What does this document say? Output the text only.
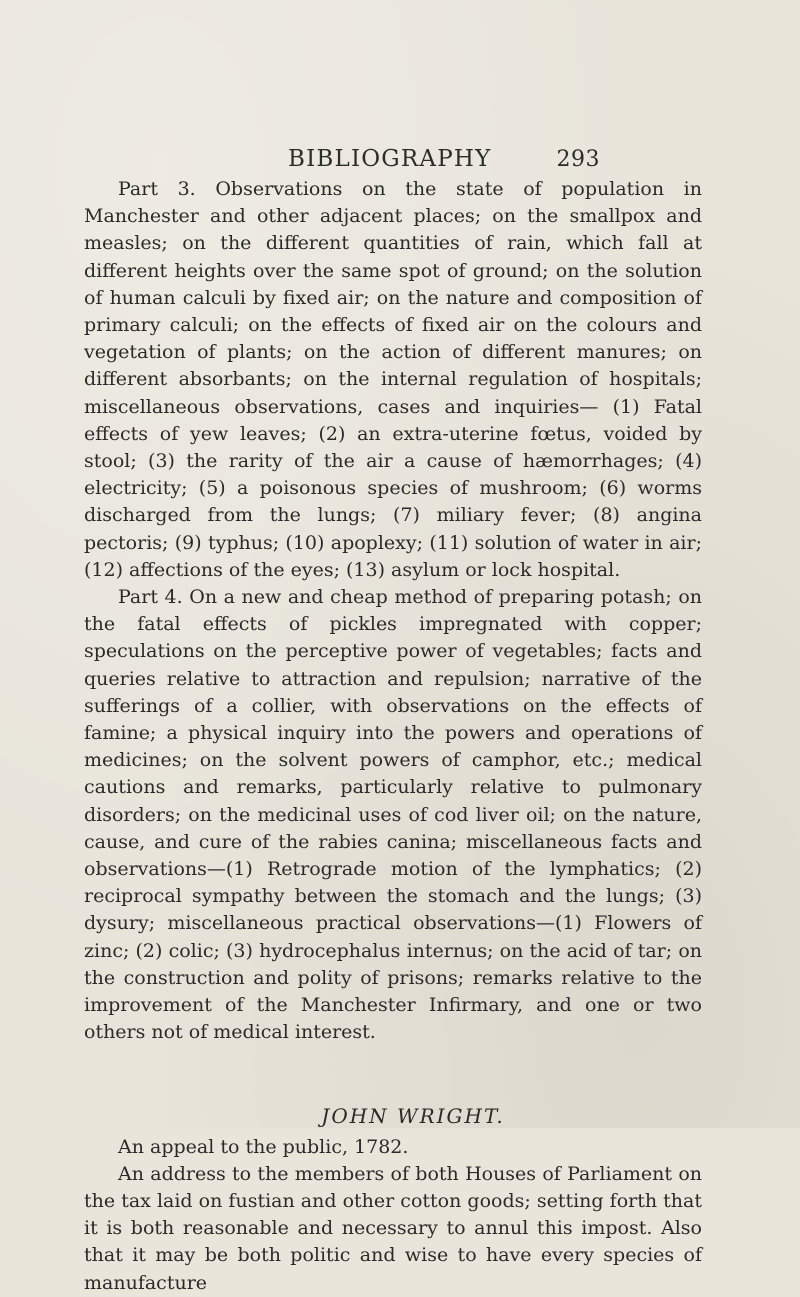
BIBLIOGRAPHY	293

Part 3. Observations on the state of population in Manchester and other adjacent places; on the smallpox and measles; on the different quantities of rain, which fall at different heights over the same spot of ground; on the solution of human calculi by fixed air; on the nature and composition of primary calculi; on the effects of fixed air on the colours and vegetation of plants; on the action of different manures; on different absorbants; on the internal regulation of hospitals; miscellaneous observations, cases and inquiries— (1) Fatal effects of yew leaves; (2) an extra-uterine fœtus, voided by stool; (3) the rarity of the air a cause of hæmorrhages; (4) electricity; (5) a poisonous species of mushroom; (6) worms discharged from the lungs; (7) miliary fever; (8) angina pectoris; (9) typhus; (10) apoplexy; (11) solution of water in air; (12) affections of the eyes; (13) asylum or lock hospital.

Part 4. On a new and cheap method of preparing potash; on the fatal effects of pickles impregnated with copper; speculations on the perceptive power of vegetables; facts and queries relative to attraction and repulsion; narrative of the sufferings of a collier, with observations on the effects of famine; a physical inquiry into the powers and operations of medicines; on the solvent powers of camphor, etc.; medical cautions and remarks, particularly relative to pulmonary disorders; on the medicinal uses of cod liver oil; on the nature, cause, and cure of the rabies canina; miscellaneous facts and observations—(1) Retrograde motion of the lymphatics; (2) reciprocal sympathy between the stomach and the lungs; (3) dysury; miscellaneous practical observations—(1) Flowers of zinc; (2) colic; (3) hydrocephalus internus; on the acid of tar; on the construction and polity of prisons; remarks relative to the improvement of the Manchester Infirmary, and one or two others not of medical interest.

JOHN WRIGHT.

An appeal to the public, 1782.

An address to the members of both Houses of Parliament on the tax laid on fustian and other cotton goods; setting forth that it is both reasonable and necessary to annul this impost. Also that it may be both politic and wise to have every species of manufacture
